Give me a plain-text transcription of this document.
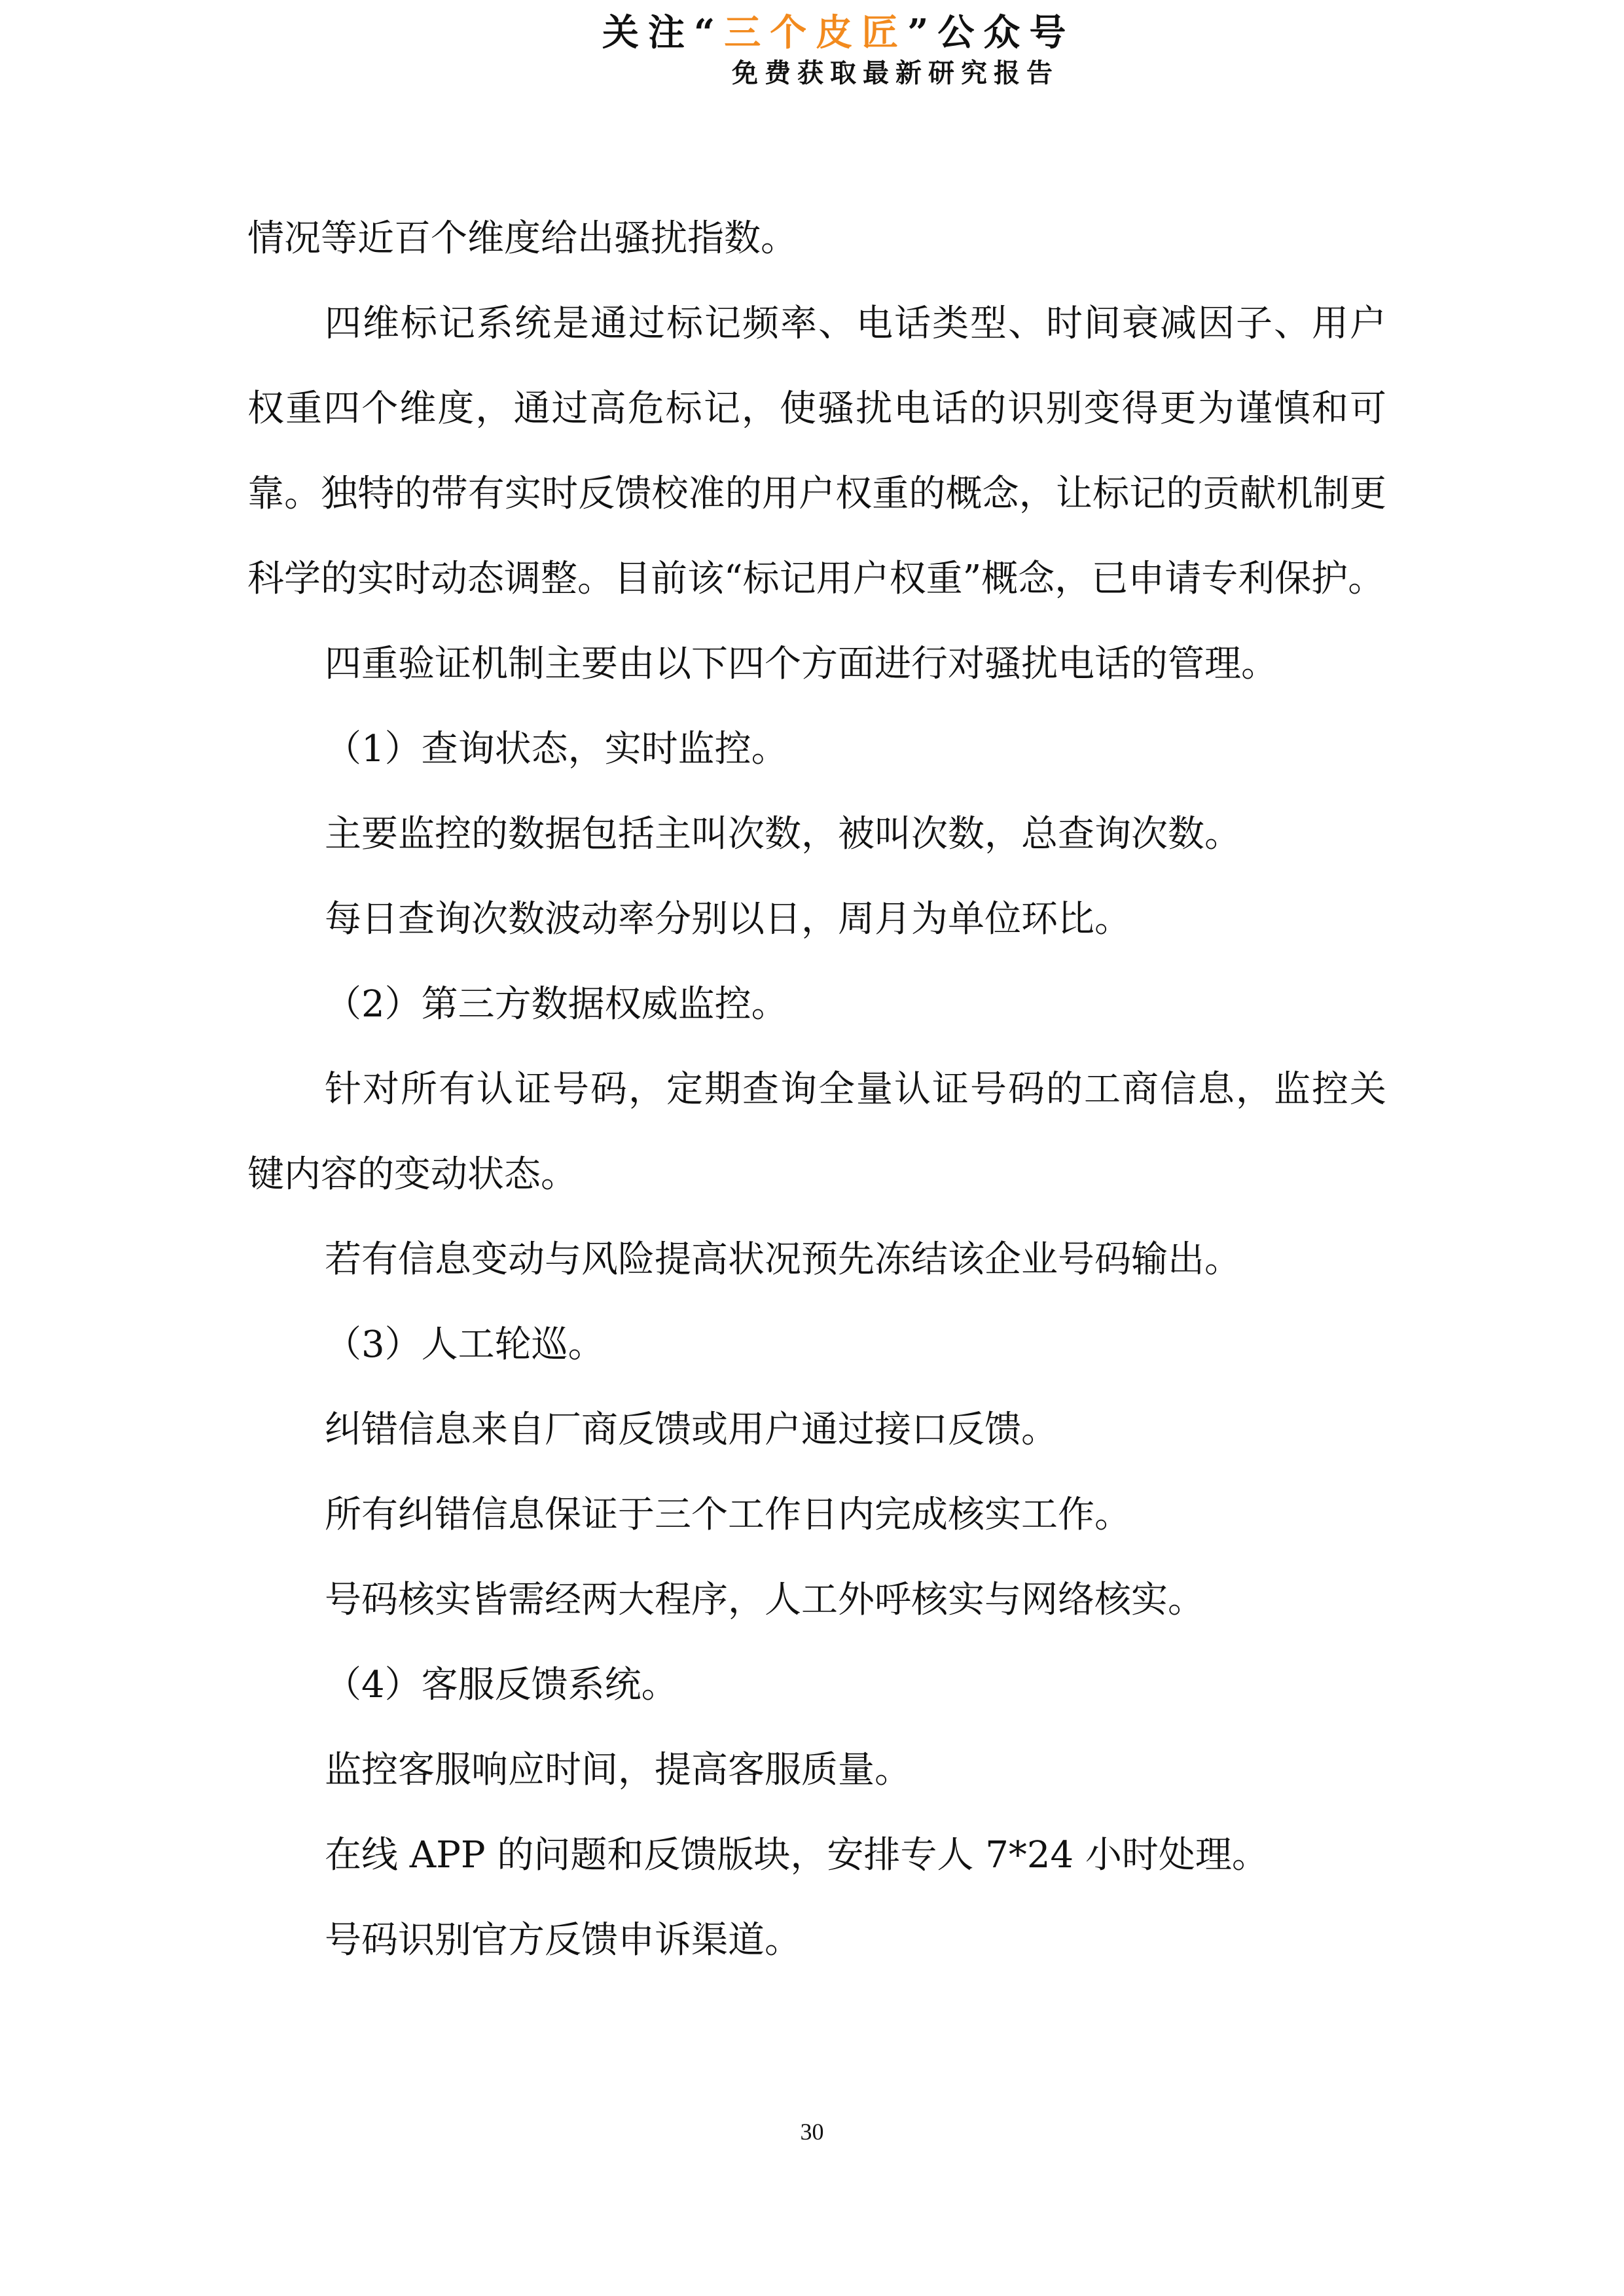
关注“三个皮匠”公众号
免费获取最新研究报告

情况等近百个维度给出骚扰指数。

四维标记系统是通过标记频率、电话类型、时间衰减因子、用户权重四个维度，通过高危标记，使骚扰电话的识别变得更为谨慎和可靠。独特的带有实时反馈校准的用户权重的概念，让标记的贡献机制更科学的实时动态调整。目前该“标记用户权重”概念，已申请专利保护。

四重验证机制主要由以下四个方面进行对骚扰电话的管理。

（1）查询状态，实时监控。

主要监控的数据包括主叫次数，被叫次数，总查询次数。

每日查询次数波动率分别以日，周月为单位环比。

（2）第三方数据权威监控。

针对所有认证号码，定期查询全量认证号码的工商信息，监控关键内容的变动状态。

若有信息变动与风险提高状况预先冻结该企业号码输出。

（3）人工轮巡。

纠错信息来自厂商反馈或用户通过接口反馈。

所有纠错信息保证于三个工作日内完成核实工作。

号码核实皆需经两大程序，人工外呼核实与网络核实。

（4）客服反馈系统。

监控客服响应时间，提高客服质量。

在线 APP 的问题和反馈版块，安排专人 7*24 小时处理。

号码识别官方反馈申诉渠道。

30
